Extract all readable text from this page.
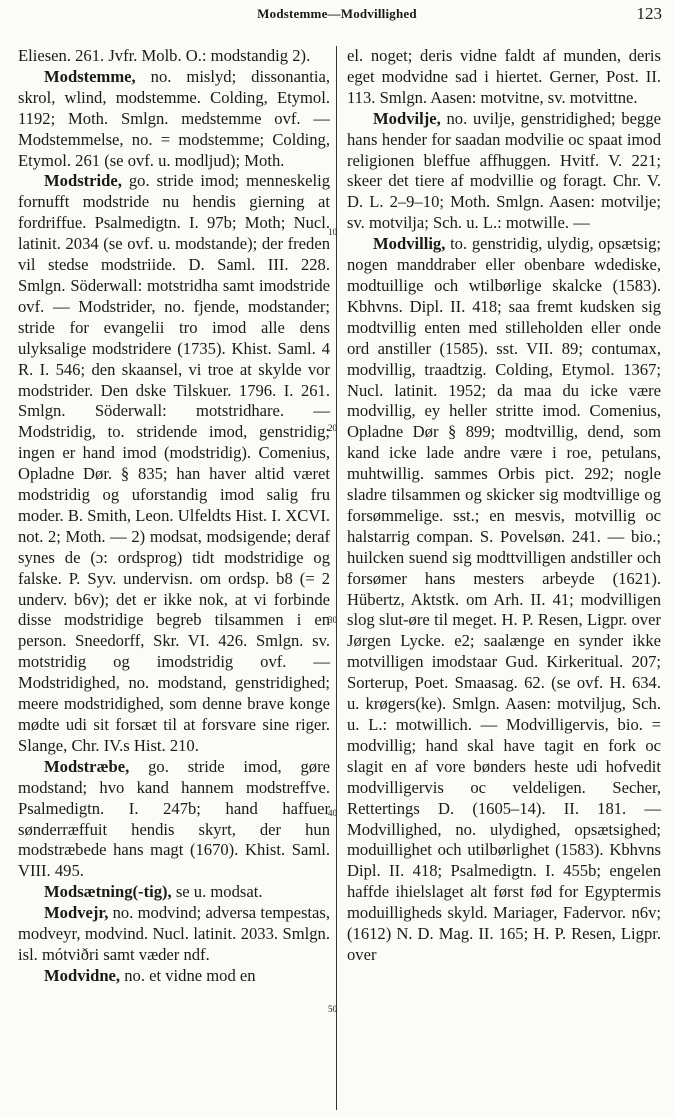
Modstemme—Modvillighed	123

Eliesen. 261. Jvfr. Molb. O.: modstandig 2).

Modstemme, no. mislyd; dissonantia, skrol, wlind, modstemme. Colding, Etymol. 1192; Moth. Smlgn. medstemme ovf. — Modstemmelse, no. = modstemme; Colding, Etymol. 261 (se ovf. u. modljud); Moth.

Modstride, go. stride imod; menneskelig fornufft modstride nu hendis gierning at fordriffue. Psalmedigtn. I. 97b; Moth; Nucl. latinit. 2034 (se ovf. u. modstande); der freden vil stedse modstriide. D. Saml. III. 228. Smlgn. Söderwall: motstridha samt imodstride ovf. — Modstrider, no. fjende, modstander; stride for evangelii tro imod alle dens ulyksalige modstridere (1735). Khist. Saml. 4 R. I. 546; den skaansel, vi troe at skylde vor modstrider. Den dske Tilskuer. 1796. I. 261. Smlgn. Söderwall: motstridhare. — Modstridig, to. stridende imod, genstridig; ingen er hand imod (modstridig). Comenius, Opladne Dør. § 835; han haver altid været modstridig og uforstandig imod salig fru moder. B. Smith, Leon. Ulfeldts Hist. I. XCVI. not. 2; Moth. — 2) modsat, modsigende; deraf synes de (ɔ: ordsprog) tidt modstridige og falske. P. Syv. undervisn. om ordsp. b8 (= 2 underv. b6v); det er ikke nok, at vi forbinde disse modstridige begreb tilsammen i en person. Sneedorff, Skr. VI. 426. Smlgn. sv. motstridig og imodstridig ovf. — Modstridighed, no. modstand, genstridighed; meere modstridighed, som denne brave konge mødte udi sit forsæt til at forsvare sine riger. Slange, Chr. IV.s Hist. 210.

Modstræbe, go. stride imod, gøre modstand; hvo kand hannem modstreffve. Psalmedigtn. I. 247b; hand haffuer sønderræffuit hendis skyrt, der hun modstræbede hans magt (1670). Khist. Saml. VIII. 495.

Modsætning(-tig), se u. modsat.

Modvejr, no. modvind; adversa tempestas, modveyr, modvind. Nucl. latinit. 2033. Smlgn. isl. mótviðri samt væder ndf.

Modvidne, no. et vidne mod en

10
20
30
40
50

el. noget; deris vidne faldt af munden, deris eget modvidne sad i hiertet. Gerner, Post. II. 113. Smlgn. Aasen: motvitne, sv. motvittne.

Modvilje, no. uvilje, genstridighed; begge hans hender for saadan modvilie oc spaat imod religionen bleffue affhuggen. Hvitf. V. 221; skeer det tiere af modvillie og foragt. Chr. V. D. L. 2–9–10; Moth. Smlgn. Aasen: motvilje; sv. motvilja; Sch. u. L.: motwille. —

Modvillig, to. genstridig, ulydig, opsætsig; nogen manddraber eller obenbare wdediske, modtuillige och wtilbørlige skalcke (1583). Kbhvns. Dipl. II. 418; saa fremt kudsken sig modtvillig enten med stilleholden eller onde ord anstiller (1585). sst. VII. 89; contumax, modvillig, traadtzig. Colding, Etymol. 1367; Nucl. latinit. 1952; da maa du icke være modvillig, ey heller stritte imod. Comenius, Opladne Dør § 899; modtvillig, dend, som kand icke lade andre være i roe, petulans, muhtwillig. sammes Orbis pict. 292; nogle sladre tilsammen og skicker sig modtvillige og forsømmelige. sst.; en mesvis, motvillig oc halstarrig compan. S. Povelsøn. 241. — bio.; huilcken suend sig modttvilligen andstiller och forsømer hans mesters arbeyde (1621). Hübertz, Aktstk. om Arh. II. 41; modvilligen slog slut-øre til meget. H. P. Resen, Ligpr. over Jørgen Lycke. e2; saalænge en synder ikke motvilligen imodstaar Gud. Kirkeritual. 207; Sorterup, Poet. Smaasag. 62. (se ovf. H. 634. u. krøgers(ke). Smlgn. Aasen: motviljug, Sch. u. L.: motwillich. — Modvilligervis, bio. = modvillig; hand skal have tagit en fork oc slagit en af vore bønders heste udi hofvedit modvilligervis oc veldeligen. Secher, Rettertings D. (1605–14). II. 181. — Modvillighed, no. ulydighed, opsætsighed; moduillighet och utilbørlighet (1583). Kbhvns Dipl. II. 418; Psalmedigtn. I. 455b; engelen haffde ihielslaget alt først fød for Egyptermis moduilligheds skyld. Mariager, Fadervor. n6v; (1612) N. D. Mag. II. 165; H. P. Resen, Ligpr. over
